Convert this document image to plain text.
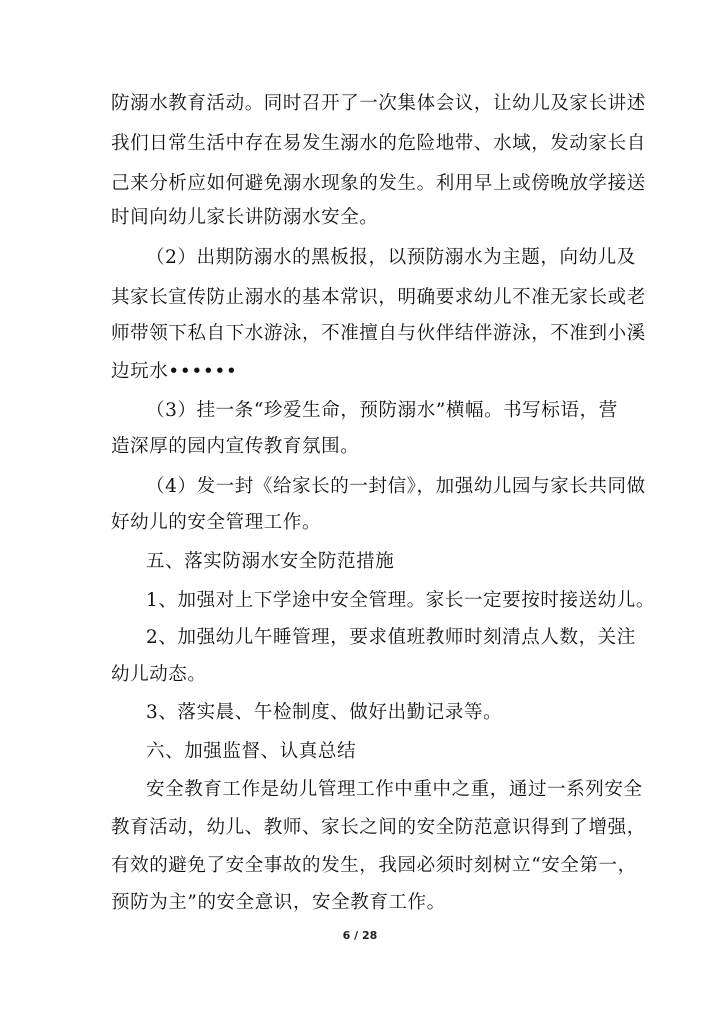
防溺水教育活动。同时召开了一次集体会议，让幼儿及家长讲述
我们日常生活中存在易发生溺水的危险地带、水域，发动家长自
己来分析应如何避免溺水现象的发生。利用早上或傍晚放学接送
时间向幼儿家长讲防溺水安全。
（2）出期防溺水的黑板报，以预防溺水为主题，向幼儿及
其家长宣传防止溺水的基本常识，明确要求幼儿不准无家长或老
师带领下私自下水游泳，不准擅自与伙伴结伴游泳，不准到小溪
边玩水••••••
（3）挂一条“珍爱生命，预防溺水”横幅。书写标语，营
造深厚的园内宣传教育氛围。
（4）发一封《给家长的一封信》，加强幼儿园与家长共同做
好幼儿的安全管理工作。
五、落实防溺水安全防范措施
1、加强对上下学途中安全管理。家长一定要按时接送幼儿。
2、加强幼儿午睡管理，要求值班教师时刻清点人数，关注
幼儿动态。
3、落实晨、午检制度、做好出勤记录等。
六、加强监督、认真总结
安全教育工作是幼儿管理工作中重中之重，通过一系列安全
教育活动，幼儿、教师、家长之间的安全防范意识得到了增强，
有效的避免了安全事故的发生，我园必须时刻树立“安全第一，
预防为主”的安全意识，安全教育工作。
6 / 28
